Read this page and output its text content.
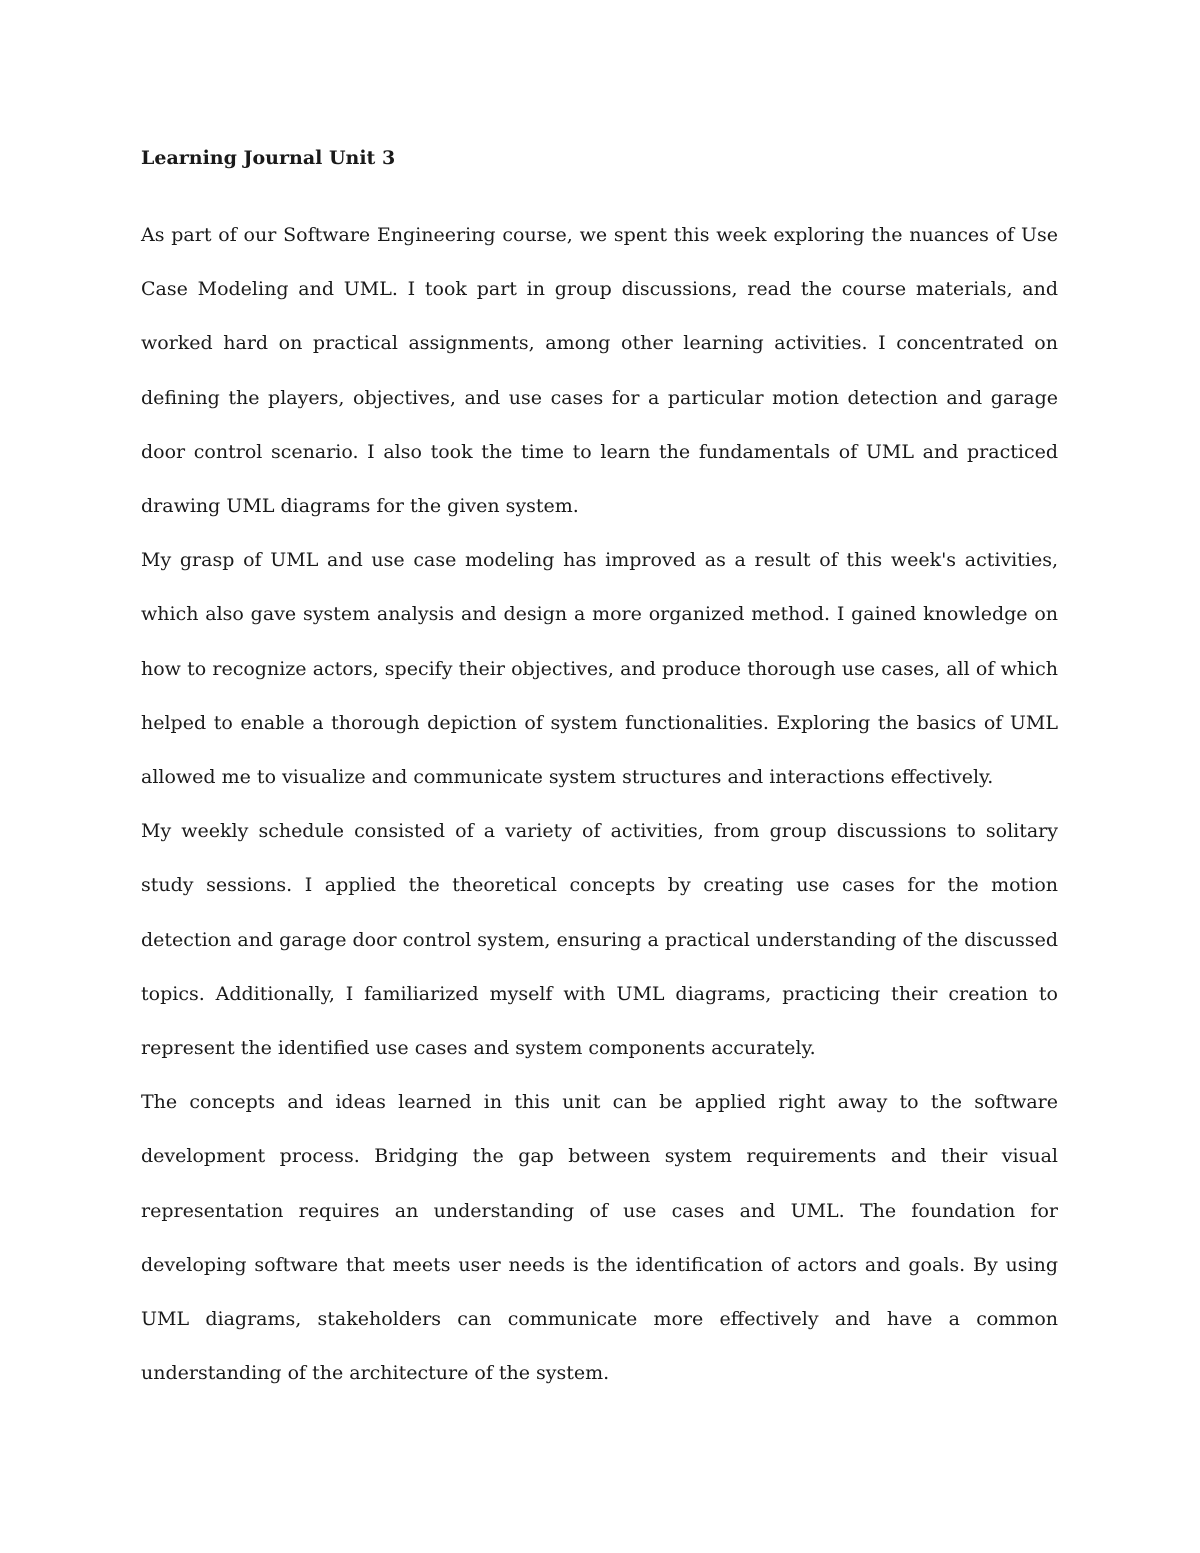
Learning Journal Unit 3

As part of our Software Engineering course, we spent this week exploring the nuances of Use Case Modeling and UML. I took part in group discussions, read the course materials, and worked hard on practical assignments, among other learning activities. I concentrated on defining the players, objectives, and use cases for a particular motion detection and garage door control scenario. I also took the time to learn the fundamentals of UML and practiced drawing UML diagrams for the given system.

My grasp of UML and use case modeling has improved as a result of this week's activities, which also gave system analysis and design a more organized method. I gained knowledge on how to recognize actors, specify their objectives, and produce thorough use cases, all of which helped to enable a thorough depiction of system functionalities. Exploring the basics of UML allowed me to visualize and communicate system structures and interactions effectively.

My weekly schedule consisted of a variety of activities, from group discussions to solitary study sessions. I applied the theoretical concepts by creating use cases for the motion detection and garage door control system, ensuring a practical understanding of the discussed topics. Additionally, I familiarized myself with UML diagrams, practicing their creation to represent the identified use cases and system components accurately.

The concepts and ideas learned in this unit can be applied right away to the software development process. Bridging the gap between system requirements and their visual representation requires an understanding of use cases and UML. The foundation for developing software that meets user needs is the identification of actors and goals. By using UML diagrams, stakeholders can communicate more effectively and have a common understanding of the architecture of the system.
